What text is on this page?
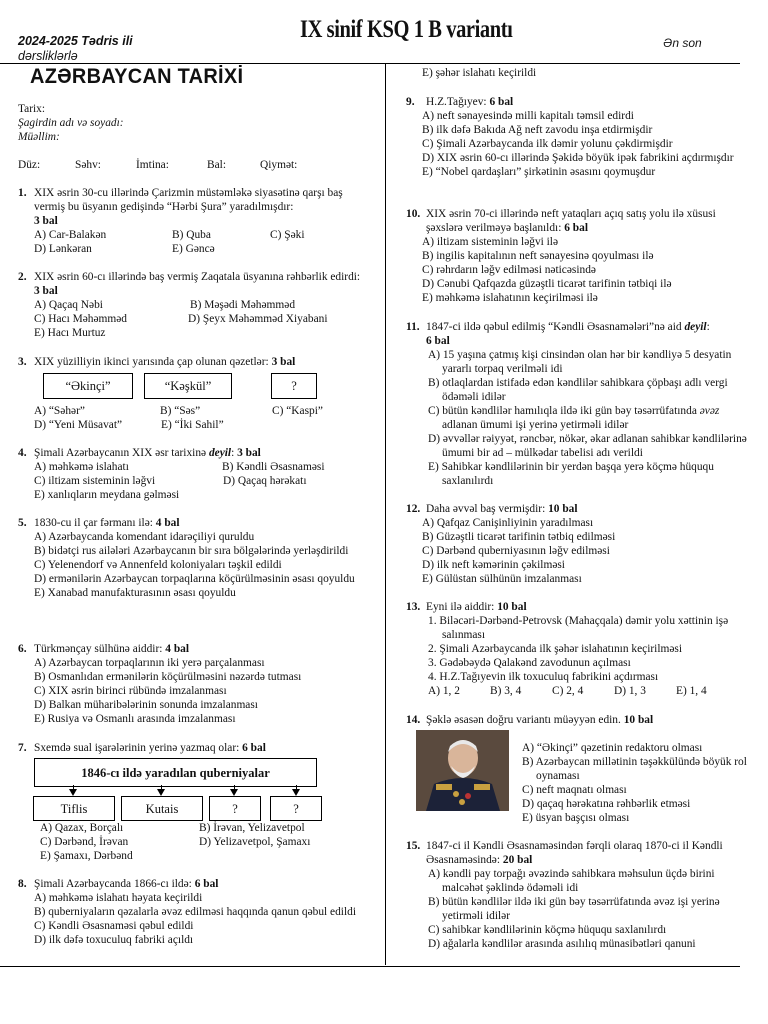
2024-2025 Tədris ili
dərsliklərlə
IX sinif KSQ 1 B variantı	Ən son
AZƏRBAYCAN TARİXİ
Tarix:
Şagirdin adı və soyadı:
Müəllim:
Düz:	Səhv:	İmtina:	Bal:	Qiymət:
1. XIX əsrin 30-cu illərində Çarizmin müstəmləkə siyasətinə qarşı baş vermiş bu üsyanın gedişində “Hərbi Şura” yaradılmışdır:
3 bal
A) Car-Balakən	B) Quba	C) Şəki
D) Lənkəran	E) Gəncə
2. XIX əsrin 60-cı illərində baş vermiş Zaqatala üsyanına rəhbərlik edirdi: 3 bal
A) Qaçaq Nəbi	B) Məşədi Məhəmməd
C) Hacı Məhəmməd	D) Şeyx Məhəmməd Xiyabani
E) Hacı Murtuz
3. XIX yüzilliyin ikinci yarısında çap olunan qəzetlər: 3 bal
“Əkinçi”	“Kəşkül”	?
A) “Səhər”	B) “Səs”	C) “Kaspi”
D) “Yeni Müsavat”	E) “İki Sahil”
4. Şimali Azərbaycanın XIX əsr tarixinə deyil: 3 bal
A) məhkəmə islahatı	B) Kəndli Əsasnaməsi
C) iltizam sisteminin ləğvi	D) Qaçaq hərəkatı
E) xanlıqların meydana gəlməsi
5. 1830-cu il çar fərmanı ilə: 4 bal
A) Azərbaycanda komendant idarəçiliyi quruldu
B) bidətçi rus ailələri Azərbaycanın bir sıra bölgələrində yerləşdirildi
C) Yelenendorf və Annenfeld koloniyaları təşkil edildi
D) ermənilərin Azərbaycan torpaqlarına köçürülməsinin əsası qoyuldu
E) Xanabad manufakturasının əsası qoyuldu
6. Türkmənçay sülhünə aiddir: 4 bal
A) Azərbaycan torpaqlarının iki yerə parçalanması
B) Osmanlıdan ermənilərin köçürülməsini nəzərdə tutması
C) XIX əsrin birinci rübündə imzalanması
D) Balkan müharibələrinin sonunda imzalanması
E) Rusiya və Osmanlı arasında imzalanması
7. Sxemdə sual işarələrinin yerinə yazmaq olar: 6 bal
1846-cı ildə yaradılan quberniyalar
Tiflis	Kutais	?	?
A) Qazax, Borçalı	B) İrəvan, Yelizavetpol
C) Dərbənd, İrəvan	D) Yelizavetpol, Şamaxı
E) Şamaxı, Dərbənd
8. Şimali Azərbaycanda 1866-cı ildə: 6 bal
A) məhkəmə islahatı həyata keçirildi
B) quberniyaların qəzalarla əvəz edilməsi haqqında qanun qəbul edildi
C) Kəndli Əsasnaməsi qəbul edildi
D) ilk dəfə toxuculuq fabriki açıldı
E) şəhər islahatı keçirildi
9. H.Z.Tağıyev: 6 bal
A) neft sənayesində milli kapitalı təmsil edirdi
B) ilk dəfə Bakıda Ağ neft zavodu inşa etdirmişdir
C) Şimali Azərbaycanda ilk dəmir yolunu çəkdirmişdir
D) XIX əsrin 60-cı illərində Şəkidə böyük ipək fabrikini açdırmışdır
E) “Nobel qardaşları” şirkətinin əsasını qoymuşdur
10. XIX əsrin 70-ci illərində neft yataqları açıq satış yolu ilə xüsusi şəxslərə verilməyə başlanıldı: 6 bal
A) iltizam sisteminin ləğvi ilə
B) ingilis kapitalının neft sənayesinə qoyulması ilə
C) rəhrdarın ləğv edilməsi nəticəsində
D) Cənubi Qafqazda güzəştli ticarət tarifinin tətbiqi ilə
E) məhkəmə islahatının keçirilməsi ilə
11. 1847-ci ildə qəbul edilmiş “Kəndli Əsasnamələri”nə aid deyil:
6 bal
A) 15 yaşına çatmış kişi cinsindən olan hər bir kəndliyə 5 desyatin yararlı torpaq verilməli idi
B) otlaqlardan istifadə edən kəndlilər sahibkara çöpbaşı adlı vergi ödəməli idilər
C) bütün kəndlilər hamılıqla ildə iki gün bəy təsərrüfatında əvəz adlanan ümumi işi yerinə yetirməli idilər
D) əvvəllər rəiyyət, rəncbər, nökər, əkar adlanan sahibkar kəndlilərinə ümumi bir ad – mülkədar tabelisi adı verildi
E) Sahibkar kəndlilərinin bir yerdən başqa yerə köçmə hüququ saxlanılırdı
12. Daha əvvəl baş vermişdir: 10 bal
A) Qafqaz Canişinliyinin yaradılması
B) Güzəştli ticarət tarifinin tətbiq edilməsi
C) Dərbənd quberniyasının ləğv edilməsi
D) ilk neft kəmərinin çəkilməsi
E) Gülüstan sülhünün imzalanması
13. Eyni ilə aiddir: 10 bal
1. Biləcəri-Dərbənd-Petrovsk (Mahaçqala) dəmir yolu xəttinin işə salınması
2. Şimali Azərbaycanda ilk şəhər islahatının keçirilməsi
3. Gədəbəydə Qalakənd zavodunun açılması
4. H.Z.Tağıyevin ilk toxuculuq fabrikini açdırması
A) 1, 2	B) 3, 4	C) 2, 4	D) 1, 3	E) 1, 4
14. Şəklə əsasən doğru variantı müəyyən edin. 10 bal
A) “Əkinçi” qəzetinin redaktoru olması
B) Azərbaycan millətinin təşəkkülündə böyük rol oynaması
C) neft maqnatı olması
D) qaçaq hərəkatına rəhbərlik etməsi
E) üsyan başçısı olması
15. 1847-ci il Kəndli Əsasnaməsindən fərqli olaraq 1870-ci il Kəndli Əsasnaməsində: 20 bal
A) kəndli pay torpağı əvəzində sahibkara məhsulun üçdə birini malcəhət şəklində ödəməli idi
B) bütün kəndlilər ildə iki gün bəy təsərrüfatında əvəz işi yerinə yetirməli idilər
C) sahibkar kəndlilərinin köçmə hüququ saxlanılırdı
D) ağalarla kəndlilər arasında asılılıq münasibətləri qanuni
